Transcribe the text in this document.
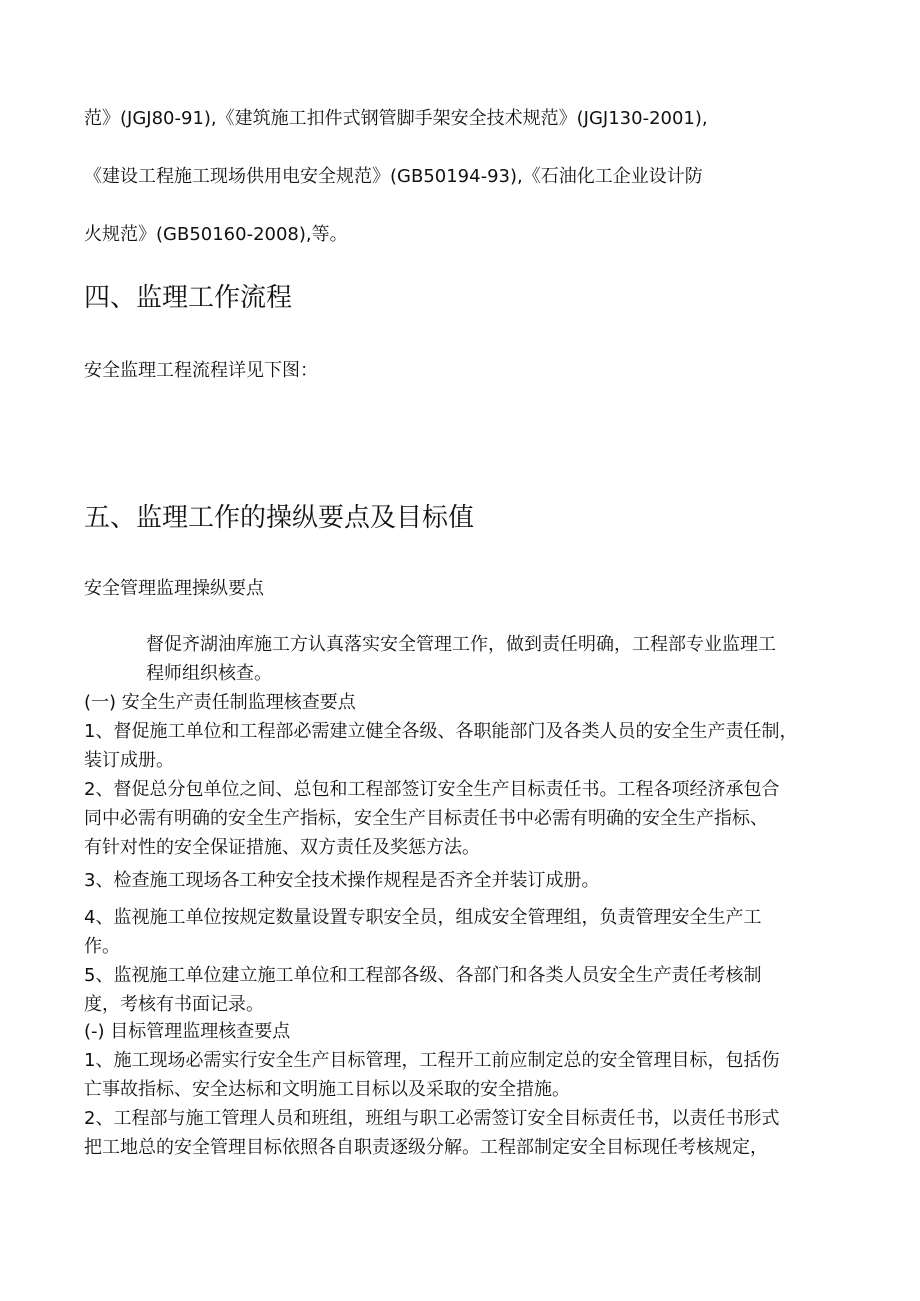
范》(JGJ80-91),《建筑施工扣件式钢管脚手架安全技术规范》(JGJ130-2001),

《建设工程施工现场供用电安全规范》(GB50194-93),《石油化工企业设计防

火规范》(GB50160-2008),等。

四、监理工作流程

安全监理工程流程详见下图：

五、监理工作的操纵要点及目标值

安全管理监理操纵要点

督促齐湖油库施工方认真落实安全管理工作，做到责任明确，工程部专业监理工

程师组织核查。

(一) 安全生产责任制监理核查要点

1、督促施工单位和工程部必需建立健全各级、各职能部门及各类人员的安全生产责任制，

装订成册。

2、督促总分包单位之间、总包和工程部签订安全生产目标责任书。工程各项经济承包合

同中必需有明确的安全生产指标，安全生产目标责任书中必需有明确的安全生产指标、

有针对性的安全保证措施、双方责任及奖惩方法。

3、检查施工现场各工种安全技术操作规程是否齐全并装订成册。

4、监视施工单位按规定数量设置专职安全员，组成安全管理组，负责管理安全生产工

作。

5、监视施工单位建立施工单位和工程部各级、各部门和各类人员安全生产责任考核制

度，考核有书面记录。

(-) 目标管理监理核查要点

1、施工现场必需实行安全生产目标管理，工程开工前应制定总的安全管理目标，包括伤

亡事故指标、安全达标和文明施工目标以及采取的安全措施。

2、工程部与施工管理人员和班组，班组与职工必需签订安全目标责任书，以责任书形式

把工地总的安全管理目标依照各自职责逐级分解。工程部制定安全目标现任考核规定，
